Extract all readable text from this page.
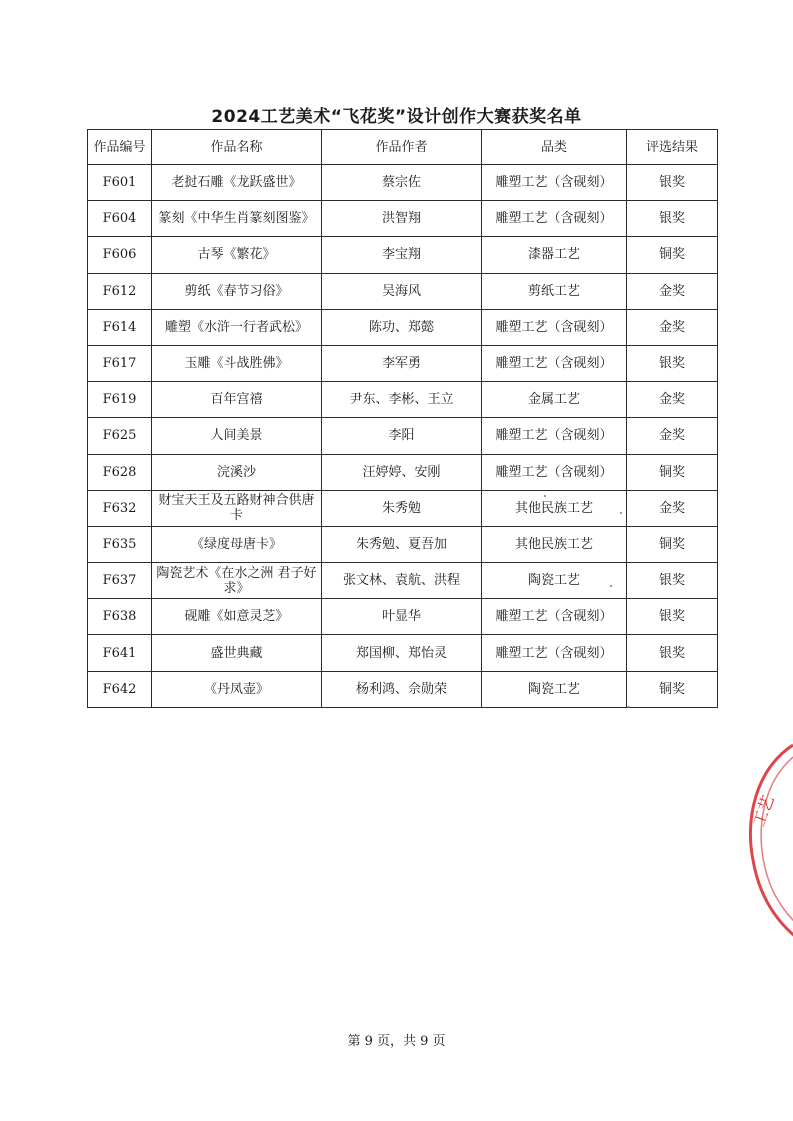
2024工艺美术“飞花奖”设计创作大赛获奖名单
作品编号	作品名称	作品作者	品类	评选结果
F601	老挝石雕《龙跃盛世》	蔡宗佐	雕塑工艺（含砚刻）	银奖
F604	篆刻《中华生肖篆刻图鉴》	洪智翔	雕塑工艺（含砚刻）	银奖
F606	古琴《繁花》	李宝翔	漆器工艺	铜奖
F612	剪纸《春节习俗》	吴海风	剪纸工艺	金奖
F614	雕塑《水浒一行者武松》	陈功、郑懿	雕塑工艺（含砚刻）	金奖
F617	玉雕《斗战胜佛》	李军勇	雕塑工艺（含砚刻）	银奖
F619	百年宫禧	尹东、李彬、王立	金属工艺	金奖
F625	人间美景	李阳	雕塑工艺（含砚刻）	金奖
F628	浣溪沙	汪婷婷、安刚	雕塑工艺（含砚刻）	铜奖
F632	财宝天王及五路财神合供唐卡	朱秀勉	其他民族工艺	金奖
F635	《绿度母唐卡》	朱秀勉、夏吾加	其他民族工艺	铜奖
F637	陶瓷艺术《在水之洲 君子好求》	张文林、袁航、洪程	陶瓷工艺	银奖
F638	砚雕《如意灵芝》	叶显华	雕塑工艺（含砚刻）	银奖
F641	盛世典藏	郑国柳、郑怡灵	雕塑工艺（含砚刻）	银奖
F642	《丹凤壶》	杨利鸿、佘勋荣	陶瓷工艺	铜奖
工艺
第 9 页，共 9 页
